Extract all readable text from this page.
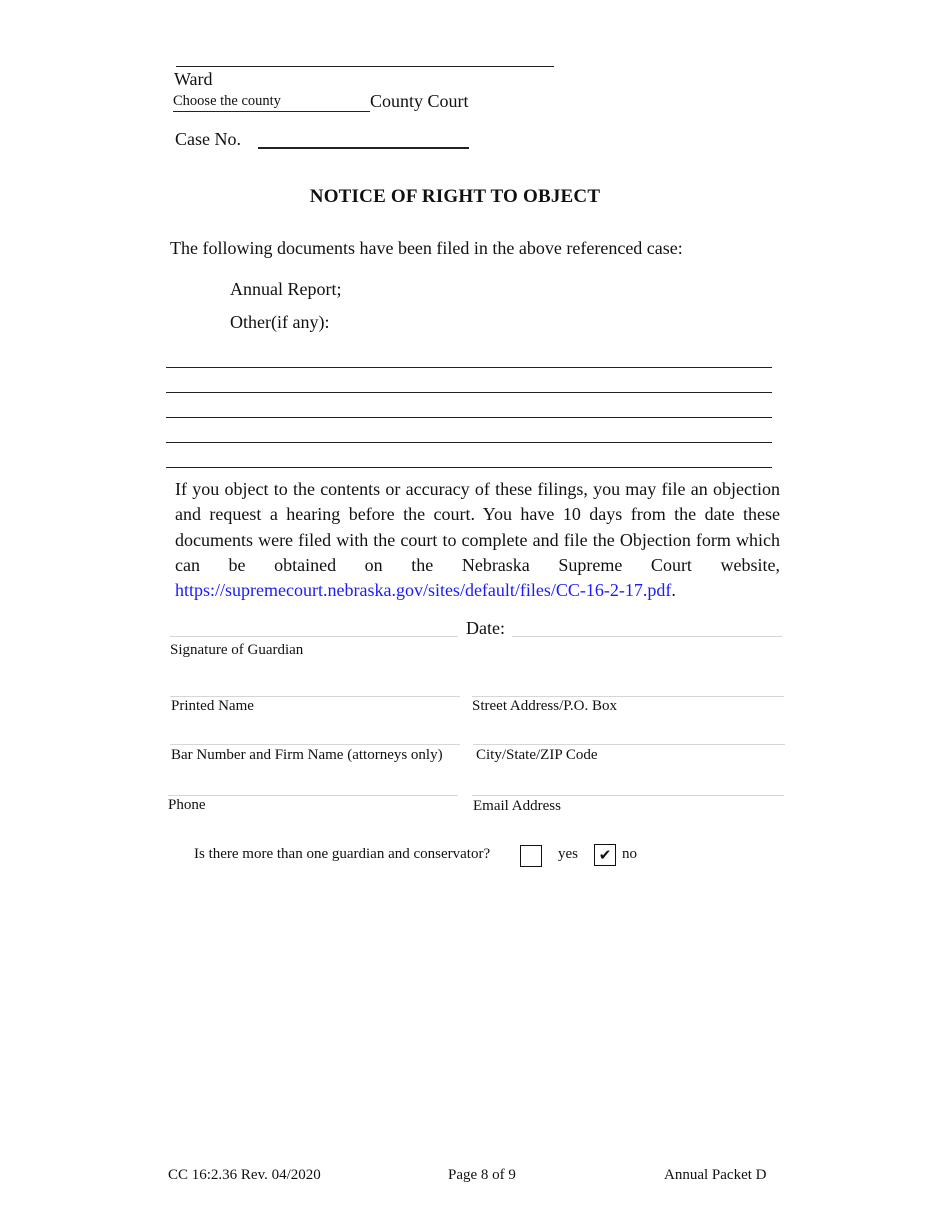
Ward
Choose the county	County Court
Case No.
NOTICE OF RIGHT TO OBJECT
The following documents have been filed in the above referenced case:
Annual Report;
Other(if any):
If you object to the contents or accuracy of these filings, you may file an objection and request a hearing before the court. You have 10 days from the date these documents were filed with the court to complete and file the Objection form which can be obtained on the Nebraska Supreme Court website, https://supremecourt.nebraska.gov/sites/default/files/CC-16-2-17.pdf.
Date:
Signature of Guardian
Printed Name	Street Address/P.O. Box
Bar Number and Firm Name (attorneys only) City/State/ZIP Code
Phone	Email Address
Is there more than one guardian and conservator?	yes ✔ no
CC 16:2.36 Rev. 04/2020	Page 8 of 9	Annual Packet D
